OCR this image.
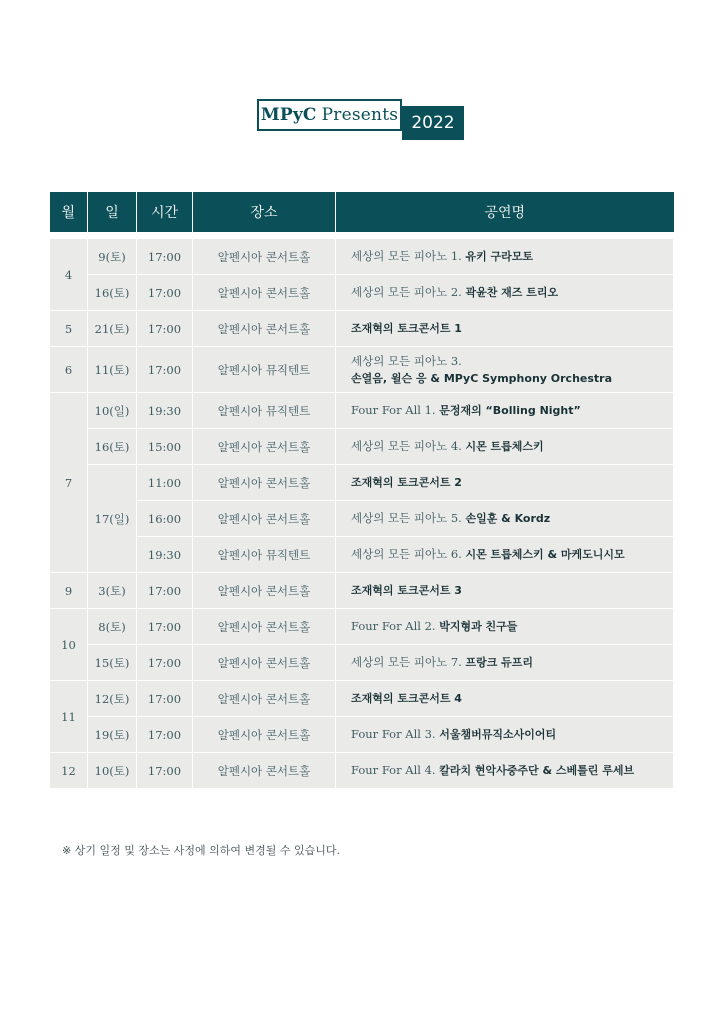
2022
MPyC Presents
월	일	시간	장소	공연명

4	9(토)	17:00	알펜시아 콘서트홀	세상의 모든 피아노 1. 유키 구라모토
	16(토)	17:00	알펜시아 콘서트홀	세상의 모든 피아노 2. 곽윤찬 재즈 트리오
5	21(토)	17:00	알펜시아 콘서트홀	조재혁의 토크콘서트 1
6	11(토)	17:00	알펜시아 뮤직텐트	세상의 모든 피아노 3.
손열음, 윌슨 응 & MPyC Symphony Orchestra
7	10(일)	19:30	알펜시아 뮤직텐트	Four For All 1. 문정재의 “Bolling Night”
	16(토)	15:00	알펜시아 콘서트홀	세상의 모든 피아노 4. 시몬 트릅체스키
	17(일)	11:00	알펜시아 콘서트홀	조재혁의 토크콘서트 2
		16:00	알펜시아 콘서트홀	세상의 모든 피아노 5. 손일훈 & Kordz
		19:30	알펜시아 뮤직텐트	세상의 모든 피아노 6. 시몬 트릅체스키 & 마케도니시모
9	3(토)	17:00	알펜시아 콘서트홀	조재혁의 토크콘서트 3
10	8(토)	17:00	알펜시아 콘서트홀	Four For All 2. 박지형과 친구들
	15(토)	17:00	알펜시아 콘서트홀	세상의 모든 피아노 7. 프랑크 듀프리
11	12(토)	17:00	알펜시아 콘서트홀	조재혁의 토크콘서트 4
	19(토)	17:00	알펜시아 콘서트홀	Four For All 3. 서울챔버뮤직소사이어티
12	10(토)	17:00	알펜시아 콘서트홀	Four For All 4. 칼라치 현악사중주단 & 스베틀린 루세브
※ 상기 일정 및 장소는 사정에 의하여 변경될 수 있습니다.
